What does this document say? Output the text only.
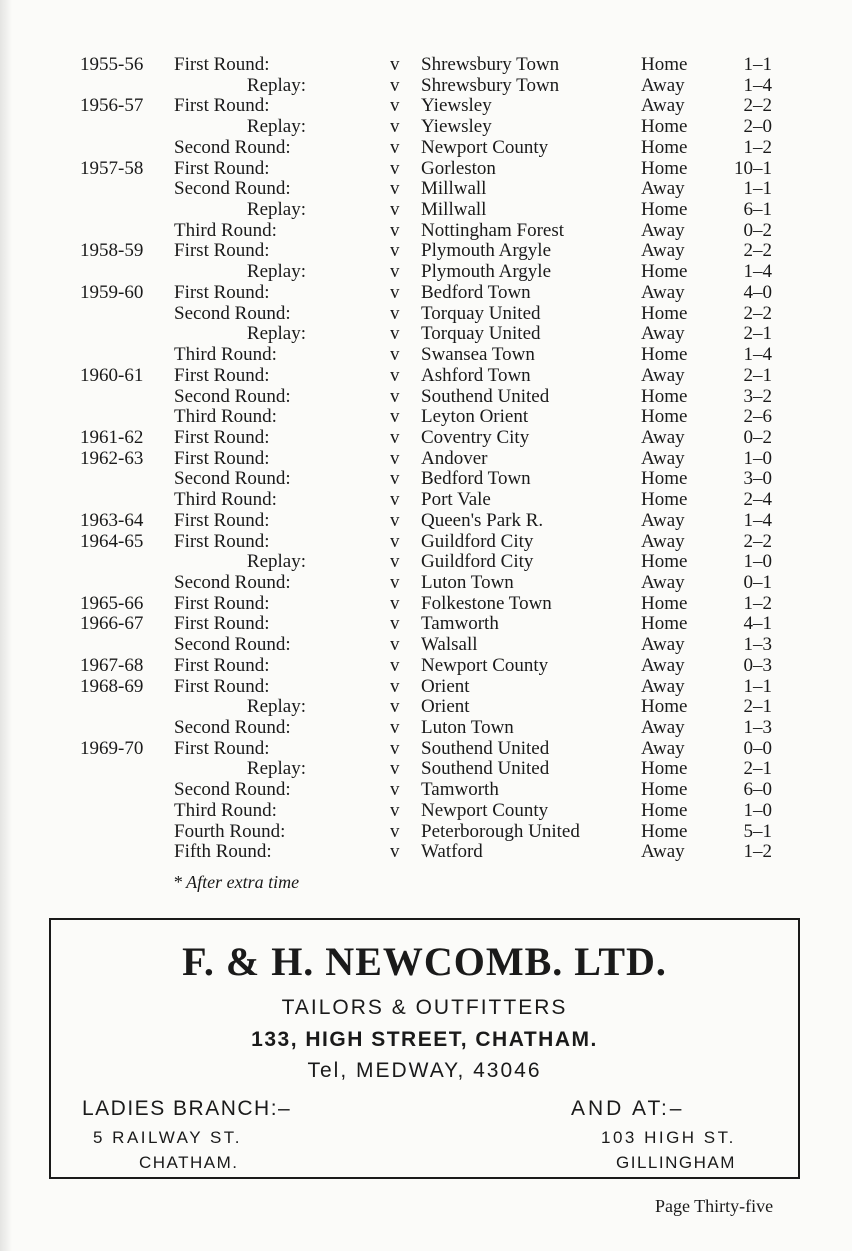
1955-56 First Round:	v Shrewsbury Town	Home	1–1
Replay:	v Shrewsbury Town	Away	1–4
1956-57 First Round:	v Yiewsley	Away	2–2
Replay:	v Yiewsley	Home	2–0
Second Round:	v Newport County	Home	1–2
1957-58 First Round:	v Gorleston	Home 10–1
Second Round:	v Millwall	Away	1–1
Replay:	v Millwall	Home	6–1
Third Round:	v Nottingham Forest	Away	0–2
1958-59 First Round:	v Plymouth Argyle	Away	2–2
Replay:	v Plymouth Argyle	Home	1–4
1959-60 First Round:	v Bedford Town	Away	4–0
Second Round:	v Torquay United	Home	2–2
Replay:	v Torquay United	Away	2–1
Third Round:	v Swansea Town	Home	1–4
1960-61 First Round:	v Ashford Town	Away	2–1
Second Round:	v Southend United	Home	3–2
Third Round:	v Leyton Orient	Home	2–6
1961-62 First Round:	v Coventry City	Away	0–2
1962-63 First Round:	v Andover	Away	1–0
Second Round:	v Bedford Town	Home	3–0
Third Round:	v Port Vale	Home	2–4
1963-64 First Round:	v Queen's Park R.	Away	1–4
1964-65 First Round:	v Guildford City	Away	2–2
Replay:	v Guildford City	Home	1–0
Second Round:	v Luton Town	Away	0–1
1965-66 First Round:	v Folkestone Town	Home	1–2
1966-67 First Round:	v Tamworth	Home	4–1
Second Round:	v Walsall	Away	1–3
1967-68 First Round:	v Newport County	Away	0–3
1968-69 First Round:	v Orient	Away	1–1
Replay:	v Orient	Home	2–1
Second Round:	v Luton Town	Away	1–3
1969-70 First Round:	v Southend United	Away	0–0
Replay:	v Southend United	Home	2–1
Second Round:	v Tamworth	Home	6–0
Third Round:	v Newport County	Home	1–0
Fourth Round:	v Peterborough United	Home	5–1
Fifth Round:	v Watford	Away	1–2
* After extra time
F. & H. NEWCOMB. LTD.
TAILORS & OUTFITTERS
133, HIGH STREET, CHATHAM.
Tel, MEDWAY, 43046
LADIES BRANCH:–	AND AT:–
5 RAILWAY ST.
CHATHAM.
103 HIGH ST.
GILLINGHAM
Page Thirty-five
